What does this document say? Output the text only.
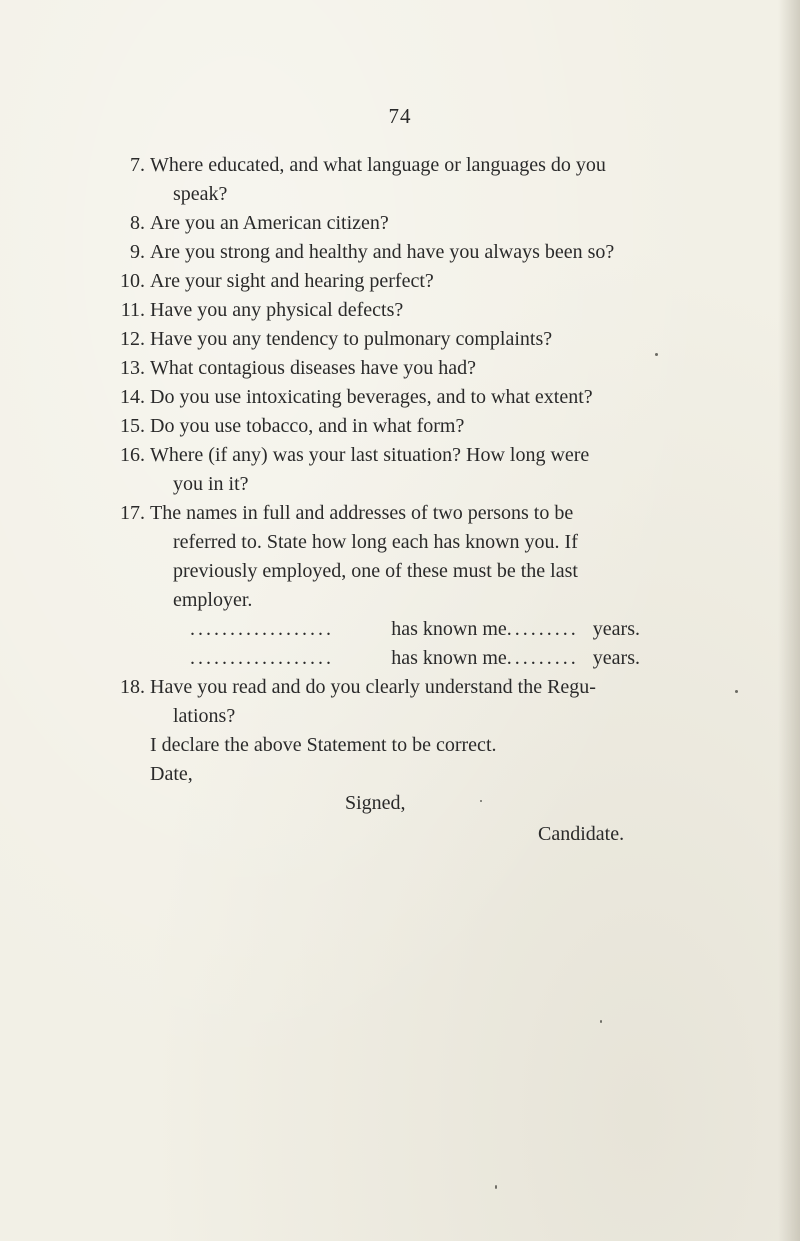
74
7. Where educated, and what language or languages do you
speak?
8. Are you an American citizen?
9. Are you strong and healthy and have you always been so?
10. Are your sight and hearing perfect?
11. Have you any physical defects?
12. Have you any tendency to pulmonary complaints?
13. What contagious diseases have you had?
14. Do you use intoxicating beverages, and to what extent?
15. Do you use tobacco, and in what form?
16. Where (if any) was your last situation? How long were
you in it?
17. The names in full and addresses of two persons to be
referred to. State how long each has known you. If
previously employed, one of these must be the last
employer.
..................	has known me ......... years.
..................	has known me ......... years.
18. Have you read and do you clearly understand the Regu-
lations?
I declare the above Statement to be correct.
Date,
Signed,
Candidate.
